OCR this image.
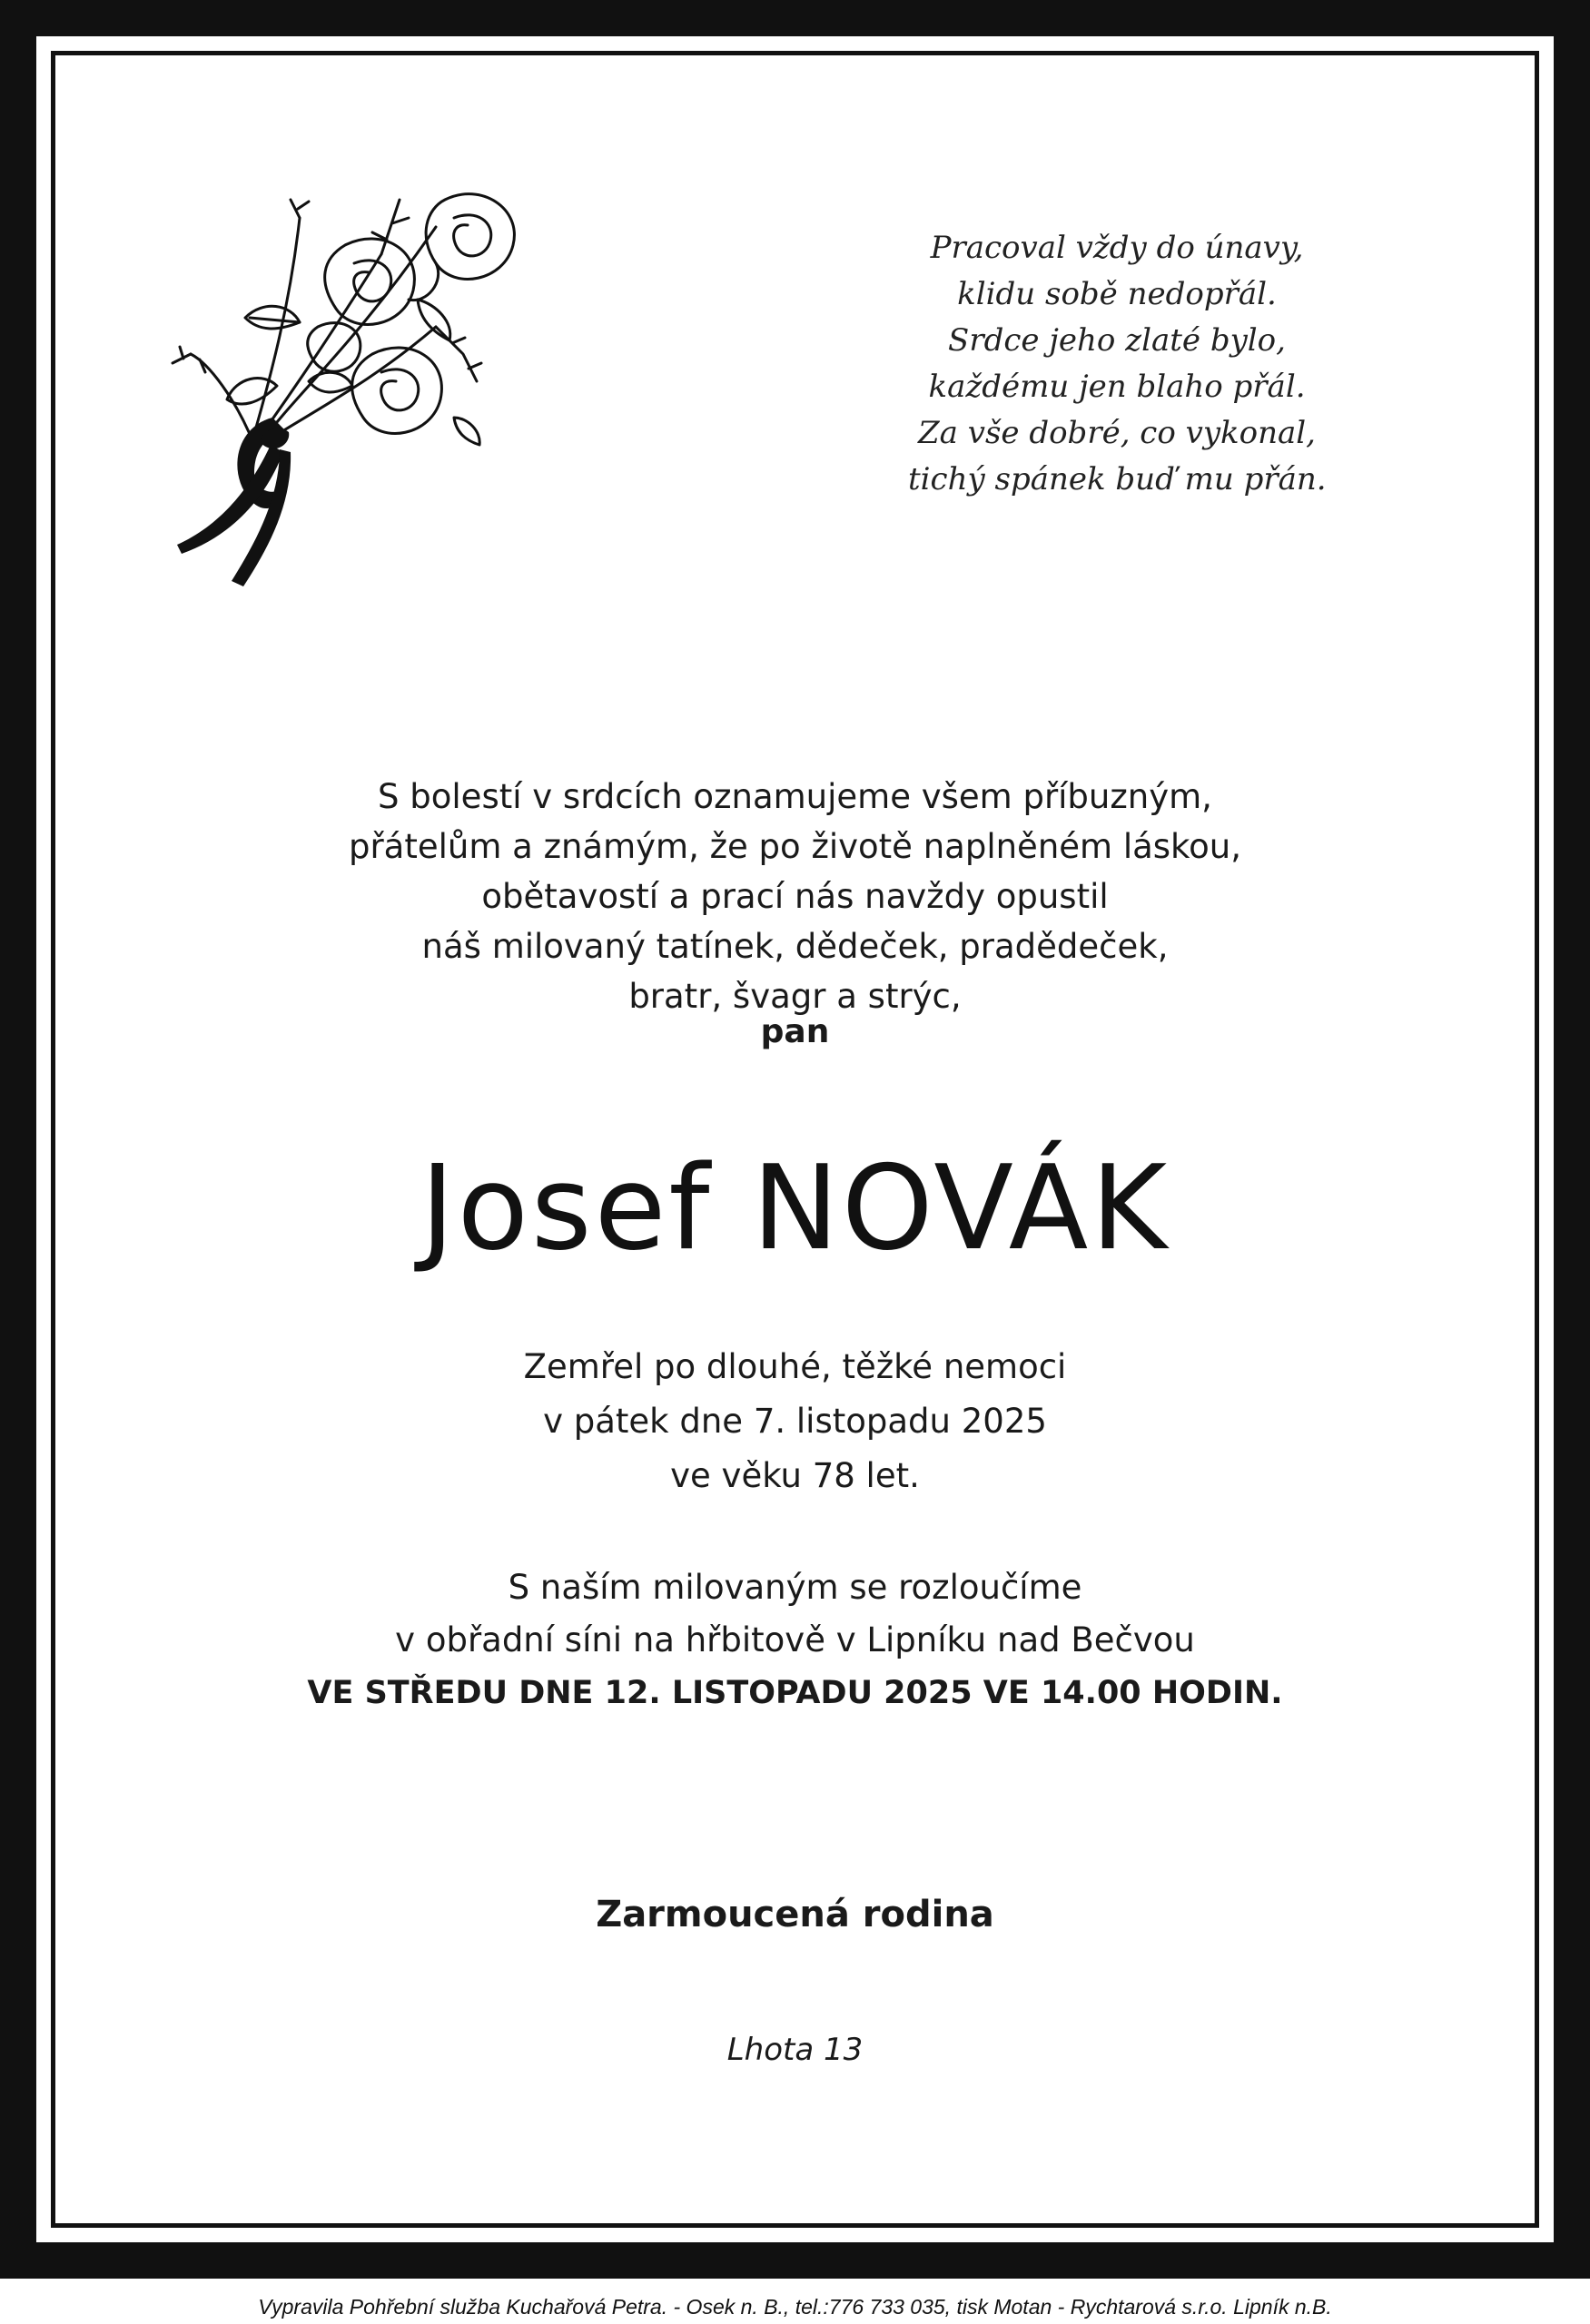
Pracoval vždy do únavy,
klidu sobě nedopřál.
Srdce jeho zlaté bylo,
každému jen blaho přál.
Za vše dobré, co vykonal,
tichý spánek buď mu přán.
S bolestí v srdcích oznamujeme všem příbuzným,
přátelům a známým, že po životě naplněném láskou,
obětavostí a prací nás navždy opustil
náš milovaný tatínek, dědeček, pradědeček,
bratr, švagr a strýc,
pan
Josef NOVÁK
Zemřel po dlouhé, těžké nemoci
v pátek dne 7. listopadu 2025
ve věku 78 let.
S naším milovaným se rozloučíme
v obřadní síni na hřbitově v Lipníku nad Bečvou
VE STŘEDU DNE 12. LISTOPADU 2025 VE 14.00 HODIN.
Zarmoucená rodina
Lhota 13
Vypravila Pohřební služba Kuchařová Petra. - Osek n. B., tel.:776 733 035, tisk Motan - Rychtarová s.r.o. Lipník n.B.
